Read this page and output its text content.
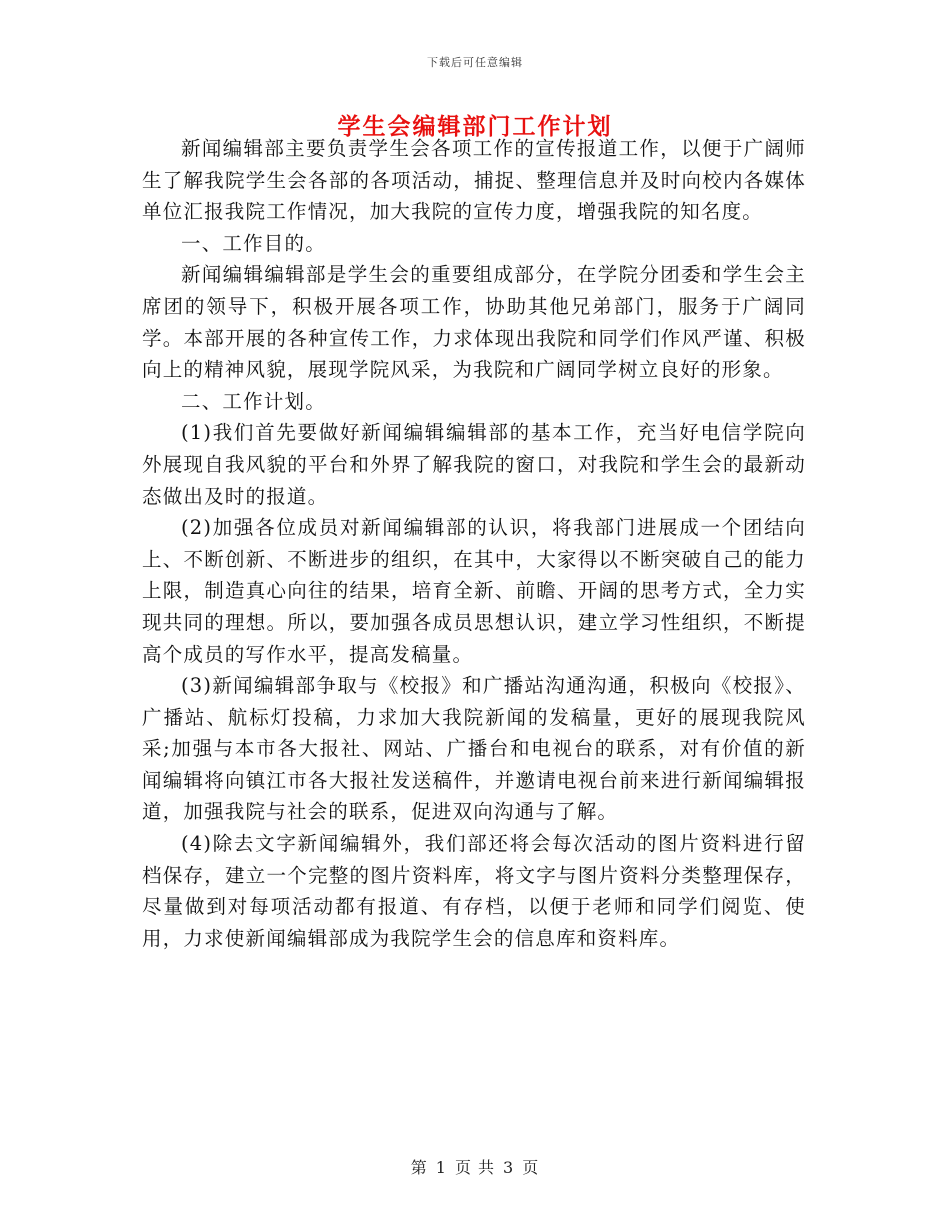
下载后可任意编辑
学生会编辑部门工作计划

新闻编辑部主要负责学生会各项工作的宣传报道工作，以便于广阔师生了解我院学生会各部的各项活动，捕捉、整理信息并及时向校内各媒体单位汇报我院工作情况，加大我院的宣传力度，增强我院的知名度。

一、工作目的。

新闻编辑编辑部是学生会的重要组成部分，在学院分团委和学生会主席团的领导下，积极开展各项工作，协助其他兄弟部门，服务于广阔同学。本部开展的各种宣传工作，力求体现出我院和同学们作风严谨、积极向上的精神风貌，展现学院风采，为我院和广阔同学树立良好的形象。

二、工作计划。

(1)我们首先要做好新闻编辑编辑部的基本工作，充当好电信学院向外展现自我风貌的平台和外界了解我院的窗口，对我院和学生会的最新动态做出及时的报道。

(2)加强各位成员对新闻编辑部的认识，将我部门进展成一个团结向上、不断创新、不断进步的组织，在其中，大家得以不断突破自己的能力上限，制造真心向往的结果，培育全新、前瞻、开阔的思考方式，全力实现共同的理想。所以，要加强各成员思想认识，建立学习性组织，不断提高个成员的写作水平，提高发稿量。

(3)新闻编辑部争取与《校报》和广播站沟通沟通，积极向《校报》、广播站、航标灯投稿，力求加大我院新闻的发稿量，更好的展现我院风采;加强与本市各大报社、网站、广播台和电视台的联系，对有价值的新闻编辑将向镇江市各大报社发送稿件，并邀请电视台前来进行新闻编辑报道，加强我院与社会的联系，促进双向沟通与了解。

(4)除去文字新闻编辑外，我们部还将会每次活动的图片资料进行留档保存，建立一个完整的图片资料库，将文字与图片资料分类整理保存，尽量做到对每项活动都有报道、有存档，以便于老师和同学们阅览、使用，力求使新闻编辑部成为我院学生会的信息库和资料库。

第 1 页 共 3 页
